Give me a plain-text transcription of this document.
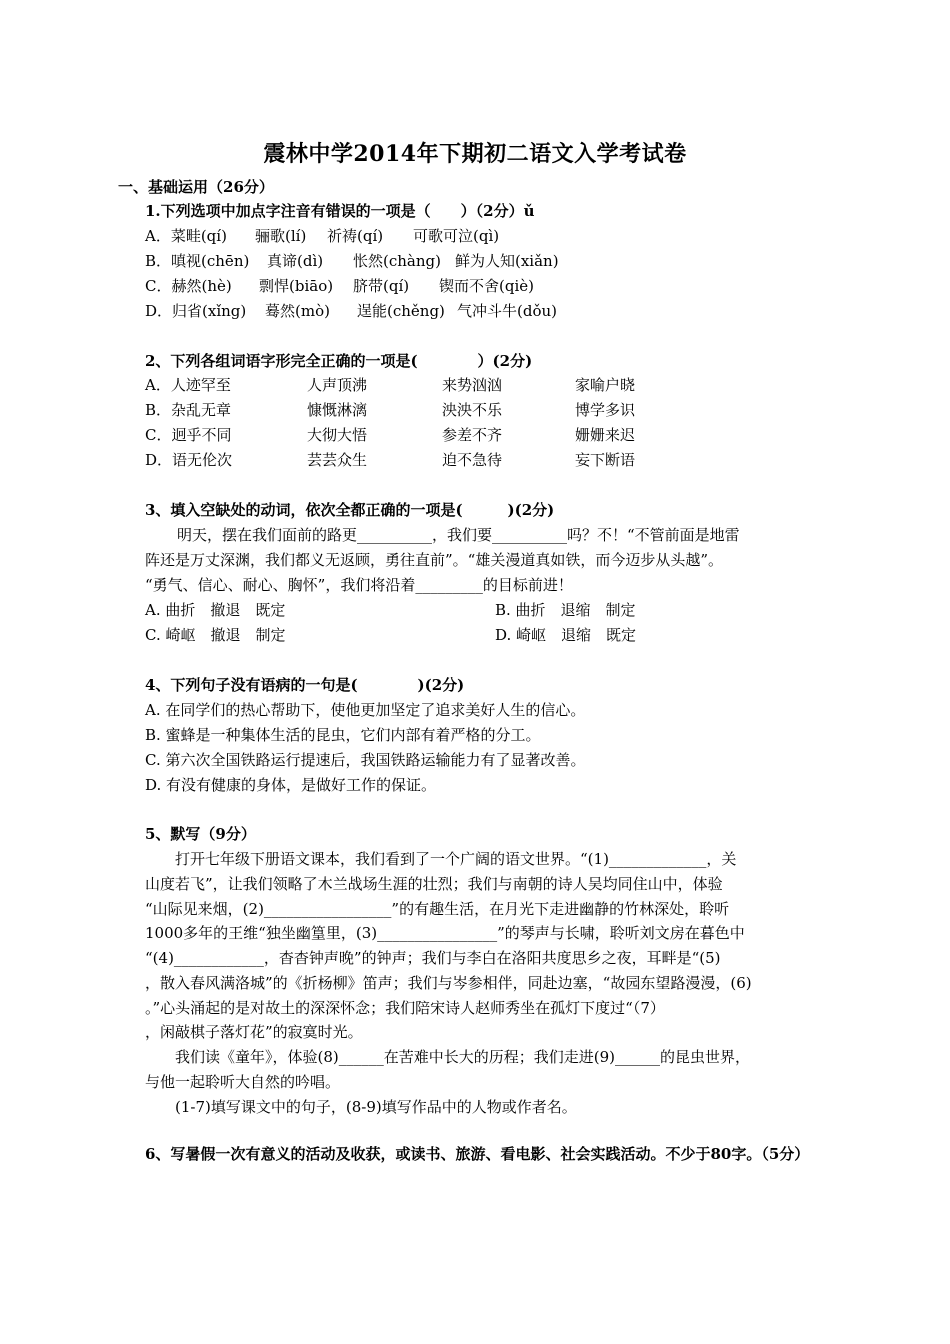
震林中学2014年下期初二语文入学考试卷
一、基础运用（26分）
1.下列选项中加点字注音有错误的一项是（　　）（2分）ǔ
A．菜畦(qí) 骊歌(lí) 祈祷(qí) 可歌可泣(qì)
B．嗔视(chēn) 真谛(dì) 怅然(chàng) 鲜为人知(xiǎn)
C．赫然(hè) 剽悍(biāo) 脐带(qí) 锲而不舍(qiè)
D．归省(xǐng) 蓦然(mò) 逞能(chěng) 气冲斗牛(dǒu)
2、下列各组词语字形完全正确的一项是(　　　　）(2分)
A．人迹罕至	人声顶沸	来势汹汹	家喻户晓
B．杂乱无章	慷慨淋漓	泱泱不乐	博学多识
C．迥乎不同	大彻大悟	参差不齐	姗姗来迟
D．语无伦次	芸芸众生	迫不急待	妄下断语
3、填入空缺处的动词，依次全都正确的一项是(　　　)(2分)
明天，摆在我们面前的路更__________，我们要__________吗？不！“不管前面是地雷
阵还是万丈深渊，我们都义无返顾，勇往直前”。“雄关漫道真如铁，而今迈步从头越”。
“勇气、信心、耐心、胸怀”，我们将沿着_________的目标前进！
A. 曲折　撤退　既定	B. 曲折　退缩　制定
C. 崎岖　撤退　制定	D. 崎岖　退缩　既定
4、下列句子没有语病的一句是(　　　　)(2分)
A. 在同学们的热心帮助下，使他更加坚定了追求美好人生的信心。
B. 蜜蜂是一种集体生活的昆虫，它们内部有着严格的分工。
C. 第六次全国铁路运行提速后，我国铁路运输能力有了显著改善。
D. 有没有健康的身体，是做好工作的保证。
5、默写（9分）
　　打开七年级下册语文课本，我们看到了一个广阔的语文世界。“(1)_____________，关
山度若飞”，让我们领略了木兰战场生涯的壮烈；我们与南朝的诗人吴均同住山中，体验
“山际见来烟，(2)_________________”的有趣生活，在月光下走进幽静的竹林深处，聆听
1000多年的王维“独坐幽篁里，(3)________________”的琴声与长啸，聆听刘文房在暮色中
“(4)____________，杳杳钟声晚”的钟声；我们与李白在洛阳共度思乡之夜，耳畔是“(5)
，散入春风满洛城”的《折杨柳》笛声；我们与岑参相伴，同赴边塞，“故园东望路漫漫，(6)
。”心头涌起的是对故土的深深怀念；我们陪宋诗人赵师秀坐在孤灯下度过“（7）
，闲敲棋子落灯花”的寂寞时光。
　　我们读《童年》，体验(8)______在苦难中长大的历程；我们走进(9)______的昆虫世界，
与他一起聆听大自然的吟唱。
　　(1-7)填写课文中的句子，(8-9)填写作品中的人物或作者名。
6、写暑假一次有意义的活动及收获，或读书、旅游、看电影、社会实践活动。不少于80字。（5分）
